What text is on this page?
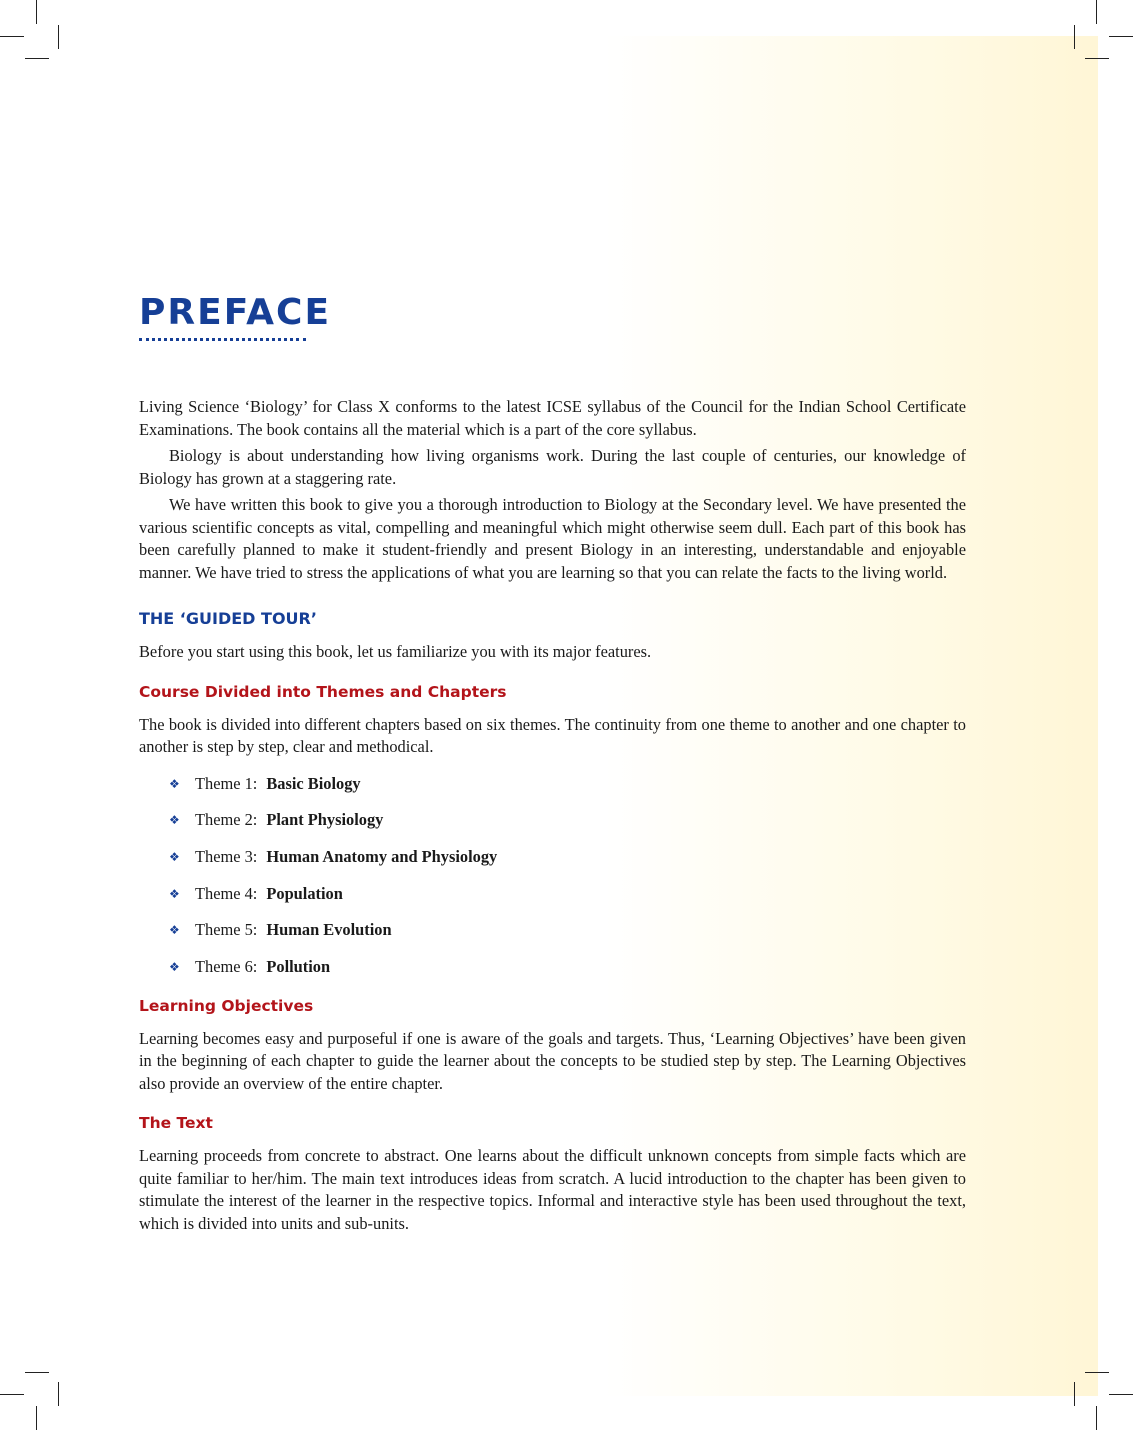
PREFACE

Living Science ‘Biology’ for Class X conforms to the latest ICSE syllabus of the Council for the Indian School Certificate Examinations. The book contains all the material which is a part of the core syllabus.

Biology is about understanding how living organisms work. During the last couple of centuries, our knowledge of Biology has grown at a staggering rate.

We have written this book to give you a thorough introduction to Biology at the Secondary level. We have presented the various scientific concepts as vital, compelling and meaningful which might otherwise seem dull. Each part of this book has been carefully planned to make it student-friendly and present Biology in an interesting, understandable and enjoyable manner. We have tried to stress the applications of what you are learning so that you can relate the facts to the living world.

THE ‘GUIDED TOUR’

Before you start using this book, let us familiarize you with its major features.

Course Divided into Themes and Chapters

The book is divided into different chapters based on six themes. The continuity from one theme to another and one chapter to another is step by step, clear and methodical.

❖ Theme 1: Basic Biology
❖ Theme 2: Plant Physiology
❖ Theme 3: Human Anatomy and Physiology
❖ Theme 4: Population
❖ Theme 5: Human Evolution
❖ Theme 6: Pollution
Learning Objectives

Learning becomes easy and purposeful if one is aware of the goals and targets. Thus, ‘Learning Objectives’ have been given in the beginning of each chapter to guide the learner about the concepts to be studied step by step. The Learning Objectives also provide an overview of the entire chapter.

The Text

Learning proceeds from concrete to abstract. One learns about the difficult unknown concepts from simple facts which are quite familiar to her/him. The main text introduces ideas from scratch. A lucid introduction to the chapter has been given to stimulate the interest of the learner in the respective topics. Informal and interactive style has been used throughout the text, which is divided into units and sub-units.
